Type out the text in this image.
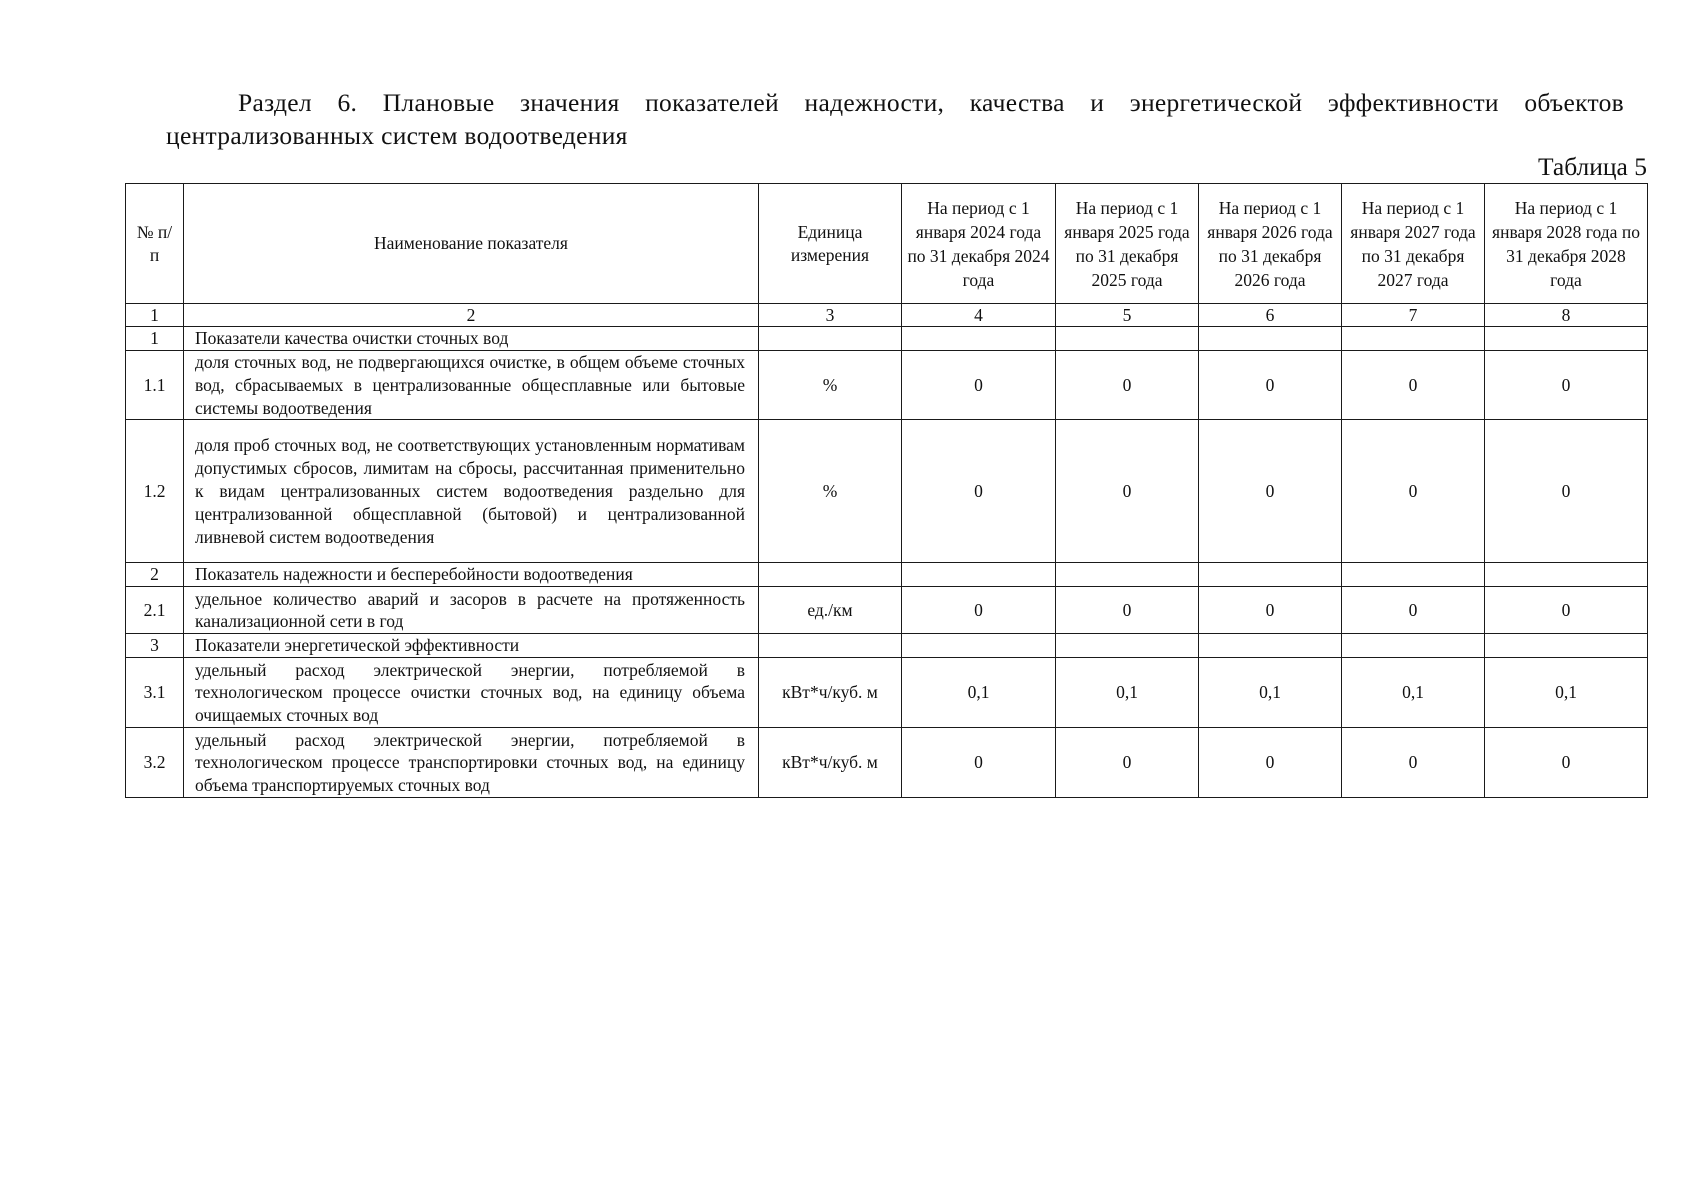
Раздел 6. Плановые значения показателей надежности, качества и энергетической эффективности объектов
централизованных систем водоотведения
Таблица 5
№ п/п	Наименование показателя	Единица измерения	На период с 1 января 2024 года по 31 декабря 2024 года	На период с 1 января 2025 года по 31 декабря 2025 года	На период с 1 января 2026 года по 31 декабря 2026 года	На период с 1 января 2027 года по 31 декабря 2027 года	На период с 1 января 2028 года по 31 декабря 2028 года
1	2	3	4	5	6	7	8
1	Показатели качества очистки сточных вод						
1.1	доля сточных вод, не подвергающихся очистке, в общем объеме сточных вод, сбрасываемых в централизованные общесплавные или бытовые системы водоотведения	%	0	0	0	0	0
1.2	доля проб сточных вод, не соответствующих установленным нормативам допустимых сбросов, лимитам на сбросы, рассчитанная применительно к видам централизованных систем водоотведения раздельно для централизованной общесплавной (бытовой) и централизованной ливневой систем водоотведения	%	0	0	0	0	0
2	Показатель надежности и бесперебойности водоотведения						
2.1	удельное количество аварий и засоров в расчете на протяженность канализационной сети в год	ед./км	0	0	0	0	0
3	Показатели энергетической эффективности						
3.1	удельный расход электрической энергии, потребляемой в технологическом процессе очистки сточных вод, на единицу объема очищаемых сточных вод	кВт*ч/куб. м	0,1	0,1	0,1	0,1	0,1
3.2	удельный расход электрической энергии, потребляемой в технологическом процессе транспортировки сточных вод, на единицу объема транспортируемых сточных вод	кВт*ч/куб. м	0	0	0	0	0
